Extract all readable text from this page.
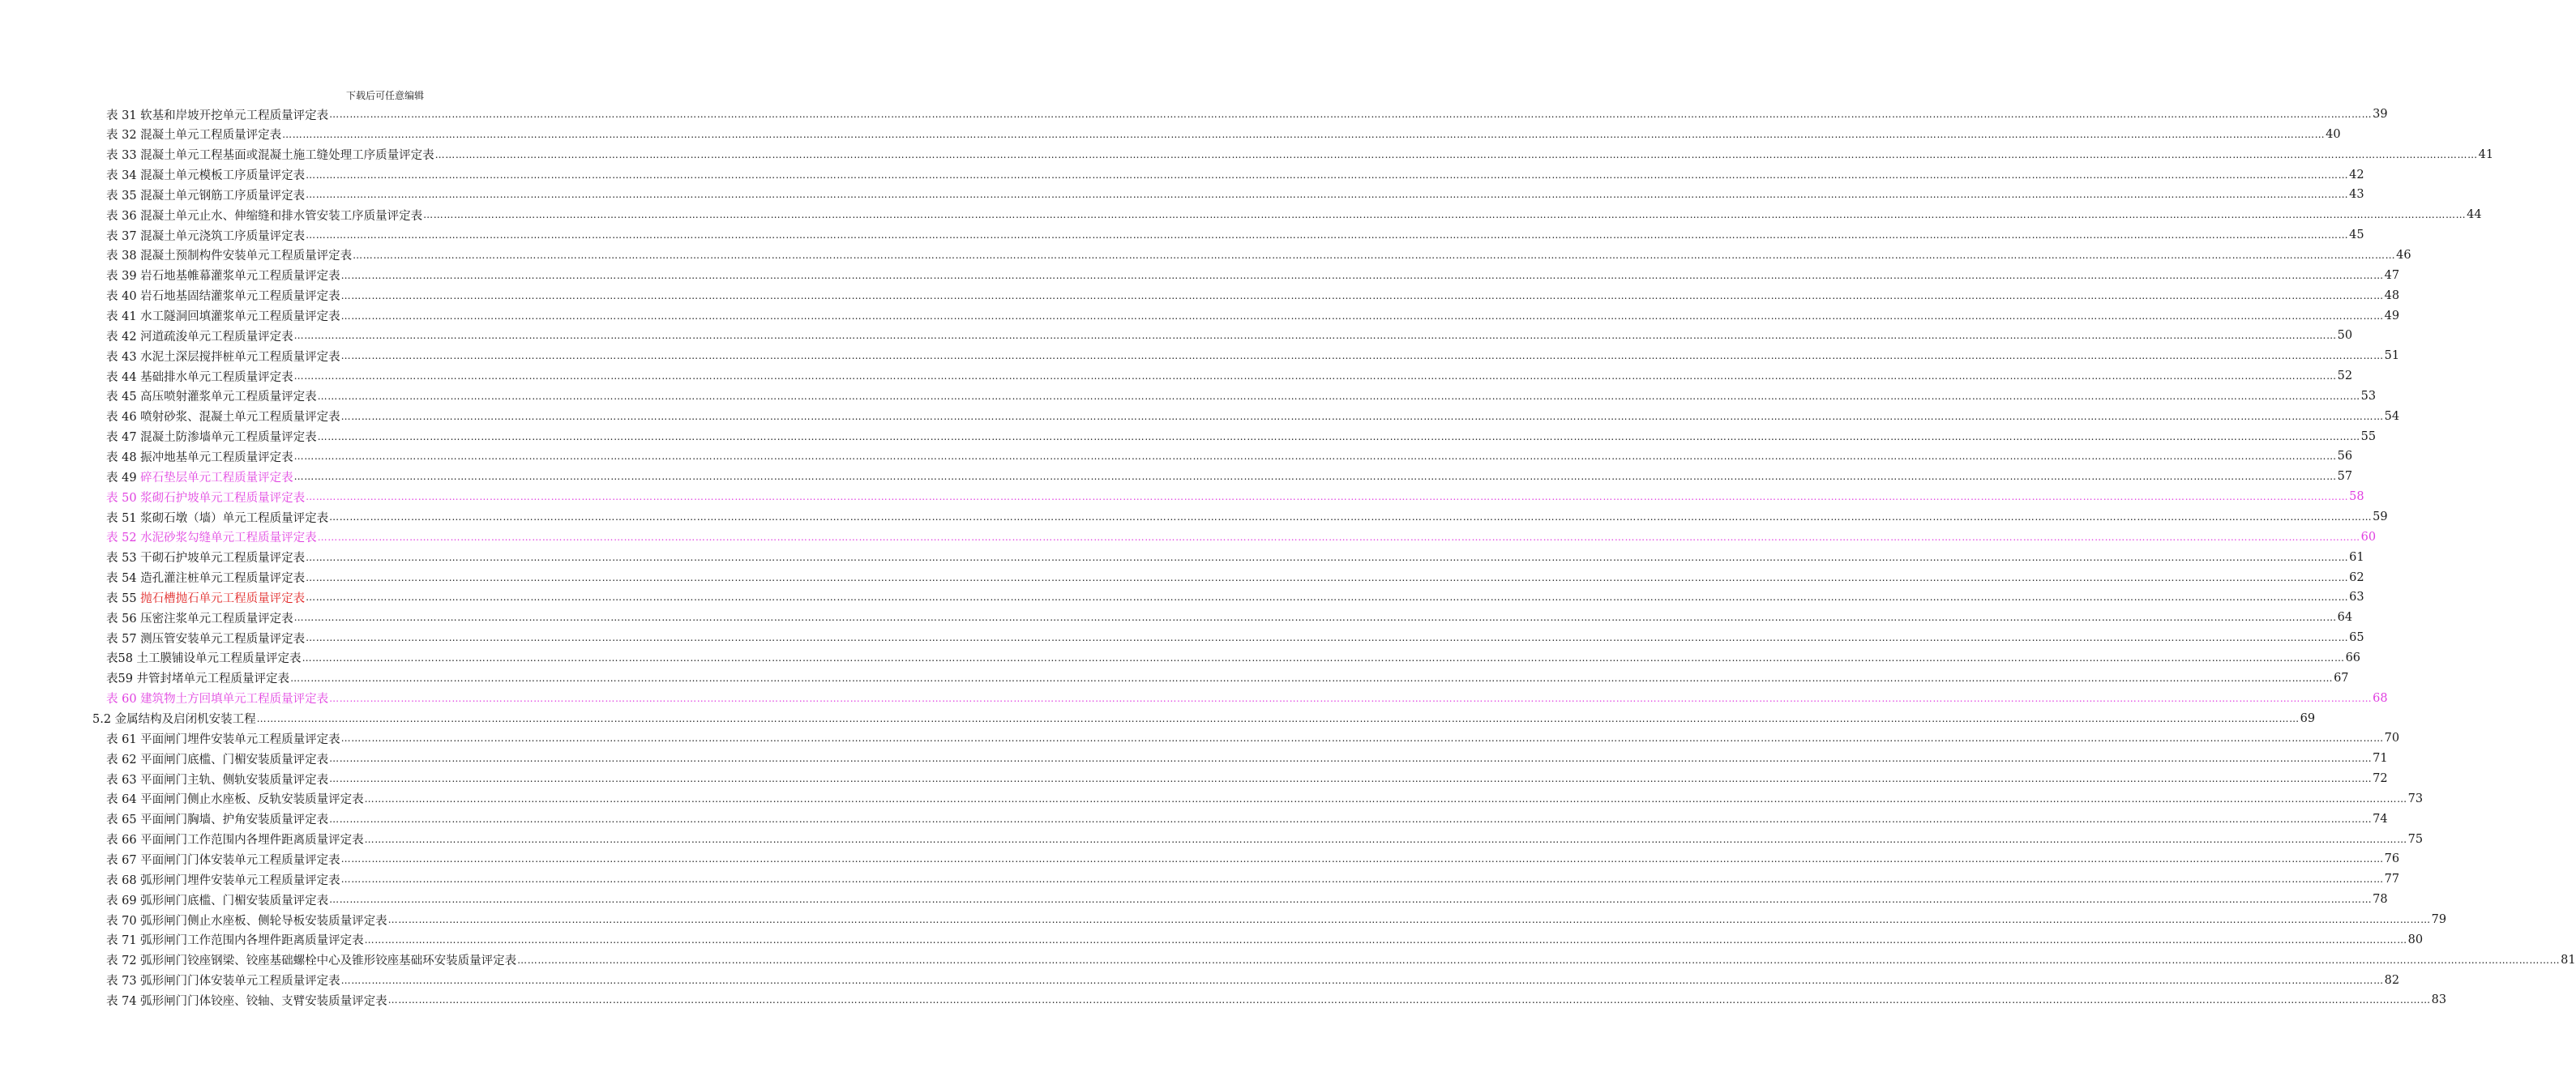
下载后可任意编辑
表 31 软基和岸坡开挖单元工程质量评定表 …………………………………………………………………………………………………………………………………………………………………………………………………………………………………………………………………………………………………………………………………………………………………………………………………………………………………………………………………………………………………………………………………………………… 39
表 32 混凝土单元工程质量评定表 …………………………………………………………………………………………………………………………………………………………………………………………………………………………………………………………………………………………………………………………………………………………………………………………………………………………………………………………………………………………………………………………………………………… 40
表 33 混凝土单元工程基面或混凝土施工缝处理工序质量评定表 …………………………………………………………………………………………………………………………………………………………………………………………………………………………………………………………………………………………………………………………………………………………………………………………………………………………………………………………………………………………………………………………………………………… 41
表 34 混凝土单元模板工序质量评定表 …………………………………………………………………………………………………………………………………………………………………………………………………………………………………………………………………………………………………………………………………………………………………………………………………………………………………………………………………………………………………………………………………………………… 42
表 35 混凝土单元钢筋工序质量评定表 …………………………………………………………………………………………………………………………………………………………………………………………………………………………………………………………………………………………………………………………………………………………………………………………………………………………………………………………………………………………………………………………………………………… 43
表 36 混凝土单元止水、伸缩缝和排水管安装工序质量评定表 …………………………………………………………………………………………………………………………………………………………………………………………………………………………………………………………………………………………………………………………………………………………………………………………………………………………………………………………………………………………………………………………………………………… 44
表 37 混凝土单元浇筑工序质量评定表 …………………………………………………………………………………………………………………………………………………………………………………………………………………………………………………………………………………………………………………………………………………………………………………………………………………………………………………………………………………………………………………………………………………… 45
表 38 混凝土预制构件安装单元工程质量评定表 …………………………………………………………………………………………………………………………………………………………………………………………………………………………………………………………………………………………………………………………………………………………………………………………………………………………………………………………………………………………………………………………………………………… 46
表 39 岩石地基帷幕灌浆单元工程质量评定表 …………………………………………………………………………………………………………………………………………………………………………………………………………………………………………………………………………………………………………………………………………………………………………………………………………………………………………………………………………………………………………………………………………………… 47
表 40 岩石地基固结灌浆单元工程质量评定表 …………………………………………………………………………………………………………………………………………………………………………………………………………………………………………………………………………………………………………………………………………………………………………………………………………………………………………………………………………………………………………………………………………………… 48
表 41 水工隧洞回填灌浆单元工程质量评定表 …………………………………………………………………………………………………………………………………………………………………………………………………………………………………………………………………………………………………………………………………………………………………………………………………………………………………………………………………………………………………………………………………………………… 49
表 42 河道疏浚单元工程质量评定表 …………………………………………………………………………………………………………………………………………………………………………………………………………………………………………………………………………………………………………………………………………………………………………………………………………………………………………………………………………………………………………………………………………………… 50
表 43 水泥土深层搅拌桩单元工程质量评定表 …………………………………………………………………………………………………………………………………………………………………………………………………………………………………………………………………………………………………………………………………………………………………………………………………………………………………………………………………………………………………………………………………………………… 51
表 44 基础排水单元工程质量评定表 …………………………………………………………………………………………………………………………………………………………………………………………………………………………………………………………………………………………………………………………………………………………………………………………………………………………………………………………………………………………………………………………………………………… 52
表 45 高压喷射灌浆单元工程质量评定表 …………………………………………………………………………………………………………………………………………………………………………………………………………………………………………………………………………………………………………………………………………………………………………………………………………………………………………………………………………………………………………………………………………………… 53
表 46 喷射砂浆、混凝土单元工程质量评定表 …………………………………………………………………………………………………………………………………………………………………………………………………………………………………………………………………………………………………………………………………………………………………………………………………………………………………………………………………………………………………………………………………………………… 54
表 47 混凝土防渗墙单元工程质量评定表 …………………………………………………………………………………………………………………………………………………………………………………………………………………………………………………………………………………………………………………………………………………………………………………………………………………………………………………………………………………………………………………………………………………… 55
表 48 振冲地基单元工程质量评定表 …………………………………………………………………………………………………………………………………………………………………………………………………………………………………………………………………………………………………………………………………………………………………………………………………………………………………………………………………………………………………………………………………………………… 56
表 49 碎石垫层单元工程质量评定表 …………………………………………………………………………………………………………………………………………………………………………………………………………………………………………………………………………………………………………………………………………………………………………………………………………………………………………………………………………………………………………………………………………………… 57
表 50 浆砌石护坡单元工程质量评定表 …………………………………………………………………………………………………………………………………………………………………………………………………………………………………………………………………………………………………………………………………………………………………………………………………………………………………………………………………………………………………………………………………………………… 58
表 51 浆砌石墩（墙）单元工程质量评定表 …………………………………………………………………………………………………………………………………………………………………………………………………………………………………………………………………………………………………………………………………………………………………………………………………………………………………………………………………………………………………………………………………………………… 59
表 52 水泥砂浆勾缝单元工程质量评定表 …………………………………………………………………………………………………………………………………………………………………………………………………………………………………………………………………………………………………………………………………………………………………………………………………………………………………………………………………………………………………………………………………………………… 60
表 53 干砌石护坡单元工程质量评定表 …………………………………………………………………………………………………………………………………………………………………………………………………………………………………………………………………………………………………………………………………………………………………………………………………………………………………………………………………………………………………………………………………………………… 61
表 54 造孔灌注桩单元工程质量评定表 …………………………………………………………………………………………………………………………………………………………………………………………………………………………………………………………………………………………………………………………………………………………………………………………………………………………………………………………………………………………………………………………………………………… 62
表 55 抛石槽抛石单元工程质量评定表 …………………………………………………………………………………………………………………………………………………………………………………………………………………………………………………………………………………………………………………………………………………………………………………………………………………………………………………………………………………………………………………………………………………… 63
表 56 压密注浆单元工程质量评定表 …………………………………………………………………………………………………………………………………………………………………………………………………………………………………………………………………………………………………………………………………………………………………………………………………………………………………………………………………………………………………………………………………………………… 64
表 57 测压管安装单元工程质量评定表 …………………………………………………………………………………………………………………………………………………………………………………………………………………………………………………………………………………………………………………………………………………………………………………………………………………………………………………………………………………………………………………………………………………… 65
表58 土工膜铺设单元工程质量评定表 …………………………………………………………………………………………………………………………………………………………………………………………………………………………………………………………………………………………………………………………………………………………………………………………………………………………………………………………………………………………………………………………………………………… 66
表59 井管封堵单元工程质量评定表 …………………………………………………………………………………………………………………………………………………………………………………………………………………………………………………………………………………………………………………………………………………………………………………………………………………………………………………………………………………………………………………………………………………… 67
表 60 建筑物土方回填单元工程质量评定表 …………………………………………………………………………………………………………………………………………………………………………………………………………………………………………………………………………………………………………………………………………………………………………………………………………………………………………………………………………………………………………………………………………………… 68
5.2 金属结构及启闭机安装工程 …………………………………………………………………………………………………………………………………………………………………………………………………………………………………………………………………………………………………………………………………………………………………………………………………………………………………………………………………………………………………………………………………………………… 69
表 61 平面闸门埋件安装单元工程质量评定表 …………………………………………………………………………………………………………………………………………………………………………………………………………………………………………………………………………………………………………………………………………………………………………………………………………………………………………………………………………………………………………………………………………………… 70
表 62 平面闸门底槛、门楣安装质量评定表 …………………………………………………………………………………………………………………………………………………………………………………………………………………………………………………………………………………………………………………………………………………………………………………………………………………………………………………………………………………………………………………………………………………… 71
表 63 平面闸门主轨、侧轨安装质量评定表 …………………………………………………………………………………………………………………………………………………………………………………………………………………………………………………………………………………………………………………………………………………………………………………………………………………………………………………………………………………………………………………………………………………… 72
表 64 平面闸门侧止水座板、反轨安装质量评定表 …………………………………………………………………………………………………………………………………………………………………………………………………………………………………………………………………………………………………………………………………………………………………………………………………………………………………………………………………………………………………………………………………………………… 73
表 65 平面闸门胸墙、护角安装质量评定表 …………………………………………………………………………………………………………………………………………………………………………………………………………………………………………………………………………………………………………………………………………………………………………………………………………………………………………………………………………………………………………………………………………………… 74
表 66 平面闸门工作范围内各埋件距离质量评定表 …………………………………………………………………………………………………………………………………………………………………………………………………………………………………………………………………………………………………………………………………………………………………………………………………………………………………………………………………………………………………………………………………………………… 75
表 67 平面闸门门体安装单元工程质量评定表 …………………………………………………………………………………………………………………………………………………………………………………………………………………………………………………………………………………………………………………………………………………………………………………………………………………………………………………………………………………………………………………………………………………… 76
表 68 弧形闸门埋件安装单元工程质量评定表 …………………………………………………………………………………………………………………………………………………………………………………………………………………………………………………………………………………………………………………………………………………………………………………………………………………………………………………………………………………………………………………………………………………… 77
表 69 弧形闸门底槛、门楣安装质量评定表 …………………………………………………………………………………………………………………………………………………………………………………………………………………………………………………………………………………………………………………………………………………………………………………………………………………………………………………………………………………………………………………………………………………… 78
表 70 弧形闸门侧止水座板、侧轮导板安装质量评定表 …………………………………………………………………………………………………………………………………………………………………………………………………………………………………………………………………………………………………………………………………………………………………………………………………………………………………………………………………………………………………………………………………………………… 79
表 71 弧形闸门工作范围内各埋件距离质量评定表 …………………………………………………………………………………………………………………………………………………………………………………………………………………………………………………………………………………………………………………………………………………………………………………………………………………………………………………………………………………………………………………………………………………… 80
表 72 弧形闸门铰座钢梁、铰座基础螺栓中心及锥形铰座基础环安装质量评定表 …………………………………………………………………………………………………………………………………………………………………………………………………………………………………………………………………………………………………………………………………………………………………………………………………………………………………………………………………………………………………………………………………………………… 81
表 73 弧形闸门门体安装单元工程质量评定表 …………………………………………………………………………………………………………………………………………………………………………………………………………………………………………………………………………………………………………………………………………………………………………………………………………………………………………………………………………………………………………………………………………………… 82
表 74 弧形闸门门体铰座、铰轴、支臂安装质量评定表 …………………………………………………………………………………………………………………………………………………………………………………………………………………………………………………………………………………………………………………………………………………………………………………………………………………………………………………………………………………………………………………………………………………… 83
